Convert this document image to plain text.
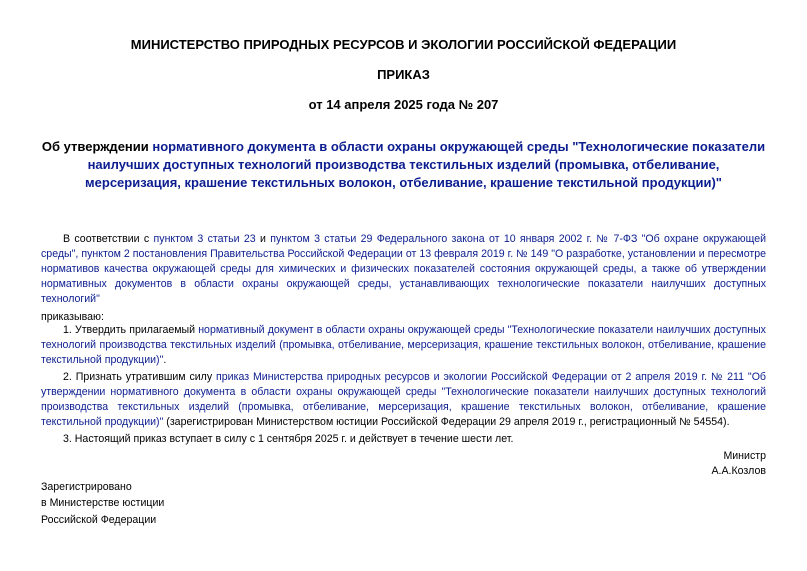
МИНИСТЕРСТВО ПРИРОДНЫХ РЕСУРСОВ И ЭКОЛОГИИ РОССИЙСКОЙ ФЕДЕРАЦИИ
ПРИКАЗ
от 14 апреля 2025 года № 207
Об утверждении нормативного документа в области охраны окружающей среды "Технологические показатели наилучших доступных технологий производства текстильных изделий (промывка, отбеливание, мерсеризация, крашение текстильных волокон, отбеливание, крашение текстильной продукции)"
В соответствии с пунктом 3 статьи 23 и пунктом 3 статьи 29 Федерального закона от 10 января 2002 г. № 7-ФЗ "Об охране окружающей среды", пунктом 2 постановления Правительства Российской Федерации от 13 февраля 2019 г. № 149 "О разработке, установлении и пересмотре нормативов качества окружающей среды для химических и физических показателей состояния окружающей среды, а также об утверждении нормативных документов в области охраны окружающей среды, устанавливающих технологические показатели наилучших доступных технологий"
приказываю:
1. Утвердить прилагаемый нормативный документ в области охраны окружающей среды "Технологические показатели наилучших доступных технологий производства текстильных изделий (промывка, отбеливание, мерсеризация, крашение текстильных волокон, отбеливание, крашение текстильной продукции)".
2. Признать утратившим силу приказ Министерства природных ресурсов и экологии Российской Федерации от 2 апреля 2019 г. № 211 "Об утверждении нормативного документа в области охраны окружающей среды "Технологические показатели наилучших доступных технологий производства текстильных изделий (промывка, отбеливание, мерсеризация, крашение текстильных волокон, отбеливание, крашение текстильной продукции)" (зарегистрирован Министерством юстиции Российской Федерации 29 апреля 2019 г., регистрационный № 54554).
3. Настоящий приказ вступает в силу с 1 сентября 2025 г. и действует в течение шести лет.
Министр
А.А.Козлов
Зарегистрировано
в Министерстве юстиции
Российской Федерации
